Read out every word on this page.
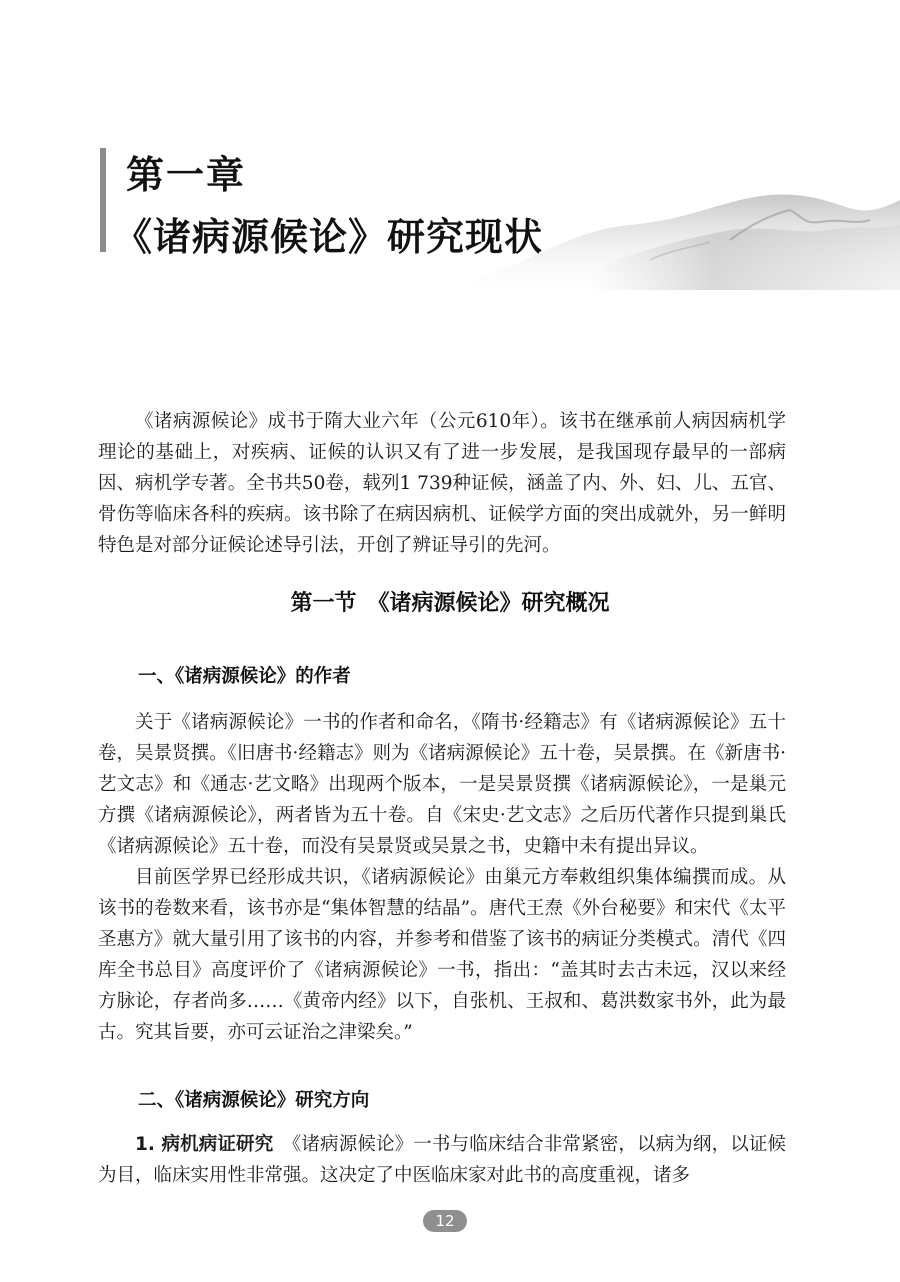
第一章
《诸病源候论》研究现状

《诸病源候论》成书于隋大业六年（公元610年）。该书在继承前人病因病机学理论的基础上，对疾病、证候的认识又有了进一步发展，是我国现存最早的一部病因、病机学专著。全书共50卷，载列1 739种证候，涵盖了内、外、妇、儿、五官、骨伤等临床各科的疾病。该书除了在病因病机、证候学方面的突出成就外，另一鲜明特色是对部分证候论述导引法，开创了辨证导引的先河。

第一节　《诸病源候论》研究概况
一、《诸病源候论》的作者

关于《诸病源候论》一书的作者和命名，《隋书·经籍志》有《诸病源候论》五十卷，吴景贤撰。《旧唐书·经籍志》则为《诸病源候论》五十卷，吴景撰。在《新唐书·艺文志》和《通志·艺文略》出现两个版本，一是吴景贤撰《诸病源候论》，一是巢元方撰《诸病源候论》，两者皆为五十卷。自《宋史·艺文志》之后历代著作只提到巢氏《诸病源候论》五十卷，而没有吴景贤或吴景之书，史籍中未有提出异议。

目前医学界已经形成共识，《诸病源候论》由巢元方奉敕组织集体编撰而成。从该书的卷数来看，该书亦是“集体智慧的结晶”。唐代王焘《外台秘要》和宋代《太平圣惠方》就大量引用了该书的内容，并参考和借鉴了该书的病证分类模式。清代《四库全书总目》高度评价了《诸病源候论》一书，指出：“盖其时去古未远，汉以来经方脉论，存者尚多……《黄帝内经》以下，自张机、王叔和、葛洪数家书外，此为最古。究其旨要，亦可云证治之津梁矣。”

二、《诸病源候论》研究方向

1. 病机病证研究　 《诸病源候论》一书与临床结合非常紧密，以病为纲，以证候为目，临床实用性非常强。这决定了中医临床家对此书的高度重视，诸多

12
